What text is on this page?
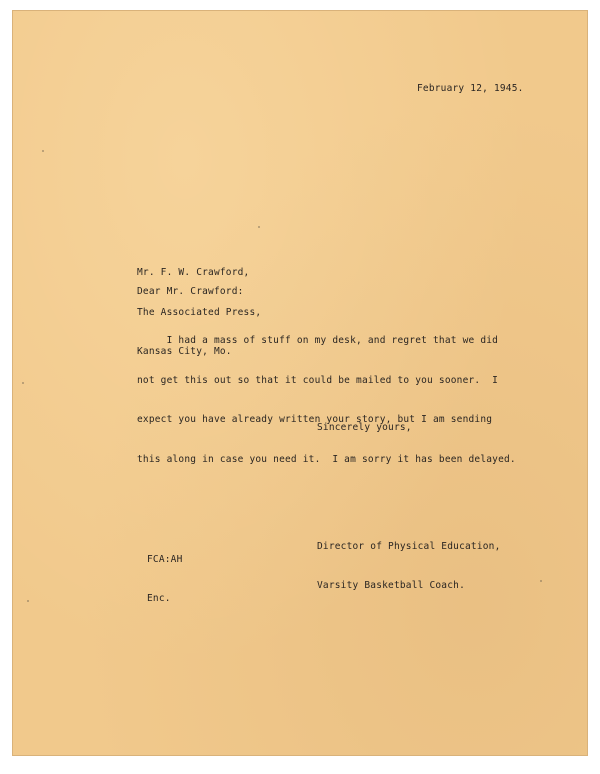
February 12, 1945.

Mr. F. W. Crawford,

The Associated Press,

Kansas City, Mo.

Dear Mr. Crawford:

I had a mass of stuff on my desk, and regret that we did

not get this out so that it could be mailed to you sooner.  I

expect you have already written your story, but I am sending

this along in case you need it.  I am sorry it has been delayed.

Sincerely yours,

Director of Physical Education,

Varsity Basketball Coach.

FCA:AH

Enc.
